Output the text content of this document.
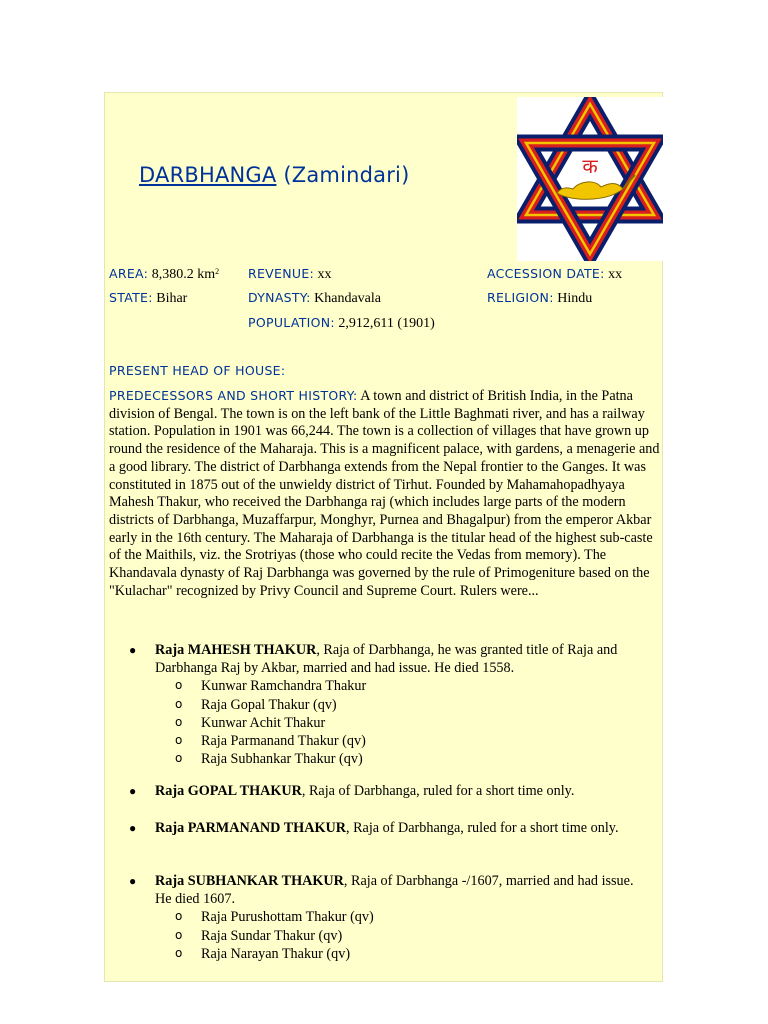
DARBHANGA (Zamindari)	क
AREA: 8,380.2 $km^2$ REVENUE: xx	ACCESSION DATE: xx
STATE: Bihar	DYNASTY: Khandavala	RELIGION: Hindu
POPULATION: 2,912,611 (1901)
PRESENT HEAD OF HOUSE:

PREDECESSORS AND SHORT HISTORY: A town and district of British India, in the Patna division of Bengal. The town is on the left bank of the Little Baghmati river, and has a railway station. Population in 1901 was 66,244. The town is a collection of villages that have grown up round the residence of the Maharaja. This is a magnificent palace, with gardens, a menagerie and a good library. The district of Darbhanga extends from the Nepal frontier to the Ganges. It was constituted in 1875 out of the unwieldy district of Tirhut. Founded by Mahamahopadhyaya Mahesh Thakur, who received the Darbhanga raj (which includes large parts of the modern districts of Darbhanga, Muzaffarpur, Monghyr, Purnea and Bhagalpur) from the emperor Akbar early in the 16th century. The Maharaja of Darbhanga is the titular head of the highest sub-caste of the Maithils, viz. the Srotriyas (those who could recite the Vedas from memory). The Khandavala dynasty of Raj Darbhanga was governed by the rule of Primogeniture based on the "Kulachar" recognized by Privy Council and Supreme Court. Rulers were...

● Raja MAHESH THAKUR, Raja of Darbhanga, he was granted title of Raja and Darbhanga Raj by Akbar, married and had issue. He died 1558.
o Kunwar Ramchandra Thakur
o Raja Gopal Thakur (qv)
o Kunwar Achit Thakur
o Raja Parmanand Thakur (qv)
o Raja Subhankar Thakur (qv)
● Raja GOPAL THAKUR, Raja of Darbhanga, ruled for a short time only.
● Raja PARMANAND THAKUR, Raja of Darbhanga, ruled for a short time only.
● Raja SUBHANKAR THAKUR, Raja of Darbhanga -/1607, married and had issue. He died 1607.
o Raja Purushottam Thakur (qv)
o Raja Sundar Thakur (qv)
o Raja Narayan Thakur (qv)
